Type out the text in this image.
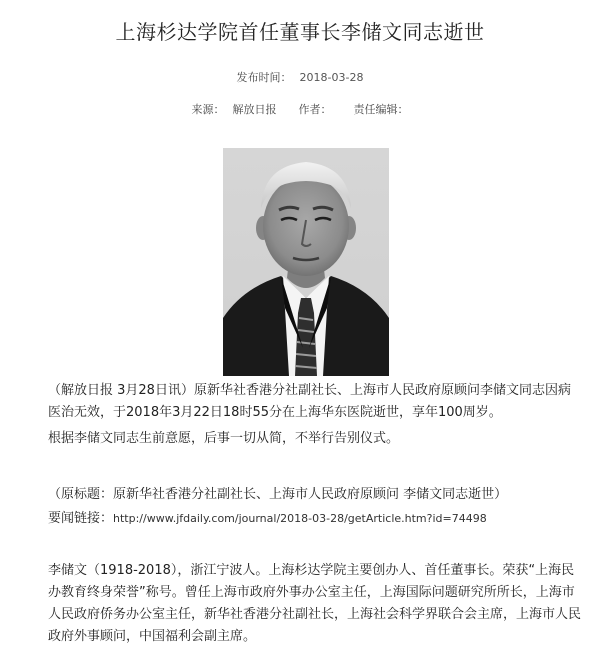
上海杉达学院首任董事长李储文同志逝世
发布时间： 2018-03-28
来源： 解放日报 作者： 责任编辑：

（解放日报 3月28日讯）原新华社香港分社副社长、上海市人民政府原顾问李储文同志因病医治无效，于2018年3月22日18时55分在上海华东医院逝世，享年100周岁。

根据李储文同志生前意愿，后事一切从简，不举行告别仪式。

（原标题：原新华社香港分社副社长、上海市人民政府原顾问 李储文同志逝世）

要闻链接：http://www.jfdaily.com/journal/2018-03-28/getArticle.htm?id=74498

李储文（1918-2018），浙江宁波人。上海杉达学院主要创办人、首任董事长。荣获“上海民办教育终身荣誉”称号。曾任上海市政府外事办公室主任，上海国际问题研究所所长，上海市人民政府侨务办公室主任，新华社香港分社副社长，上海社会科学界联合会主席，上海市人民政府外事顾问，中国福利会副主席。
